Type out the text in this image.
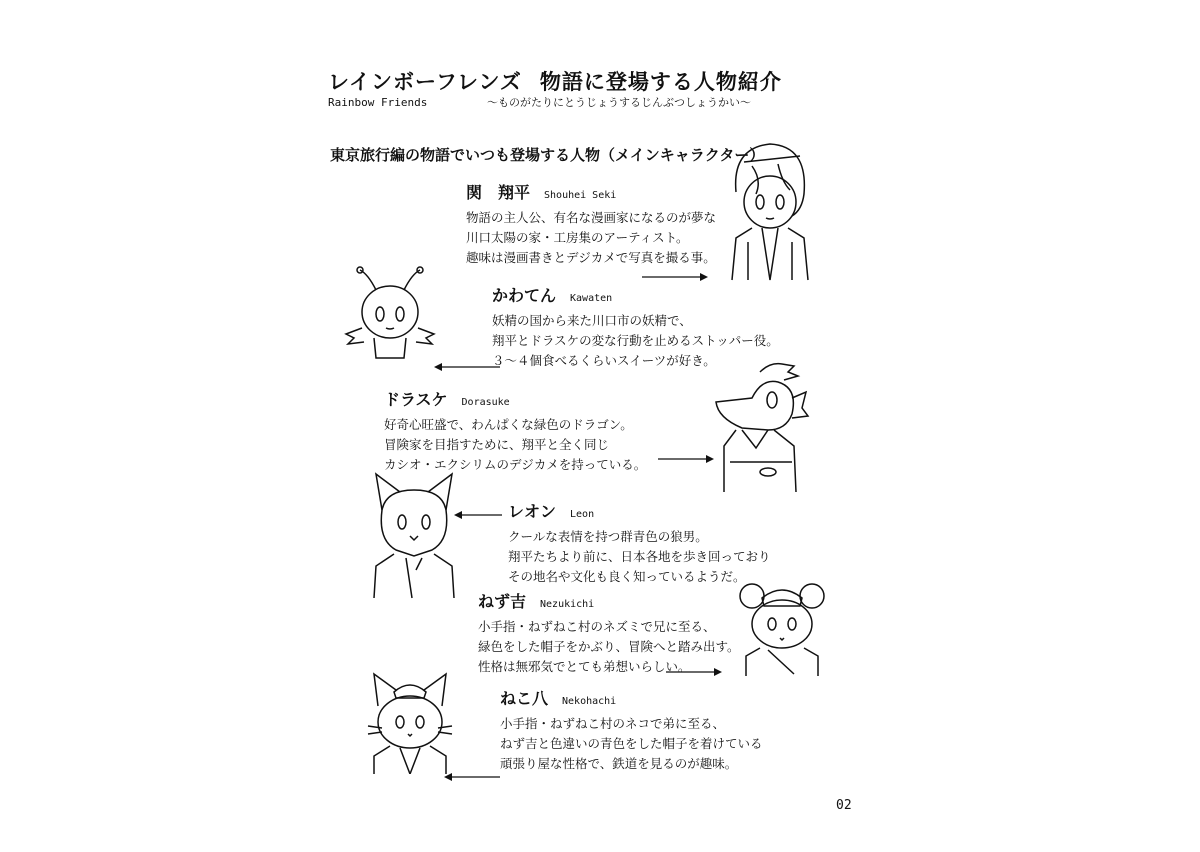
レインボーフレンズ 物語に登場する人物紹介
Rainbow Friends	～ものがたりにとうじょうするじんぶつしょうかい～
東京旅行編の物語でいつも登場する人物（メインキャラクター）
関　翔平 Shouhei Seki
物語の主人公、有名な漫画家になるのが夢な
川口太陽の家・工房集のアーティスト。
趣味は漫画書きとデジカメで写真を撮る事。
かわてん Kawaten
妖精の国から来た川口市の妖精で、
翔平とドラスケの変な行動を止めるストッパー役。
３～４個食べるくらいスイーツが好き。
ドラスケ Dorasuke
好奇心旺盛で、わんぱくな緑色のドラゴン。
冒険家を目指すために、翔平と全く同じ
カシオ・エクシリムのデジカメを持っている。
レオン Leon
クールな表情を持つ群青色の狼男。
翔平たちより前に、日本各地を歩き回っており
その地名や文化も良く知っているようだ。
ねず吉 Nezukichi
小手指・ねずねこ村のネズミで兄に至る、
緑色をした帽子をかぶり、冒険へと踏み出す。
性格は無邪気でとても弟想いらしい。
ねこ八 Nekohachi
小手指・ねずねこ村のネコで弟に至る、
ねず吉と色違いの青色をした帽子を着けている
頑張り屋な性格で、鉄道を見るのが趣味。
02
